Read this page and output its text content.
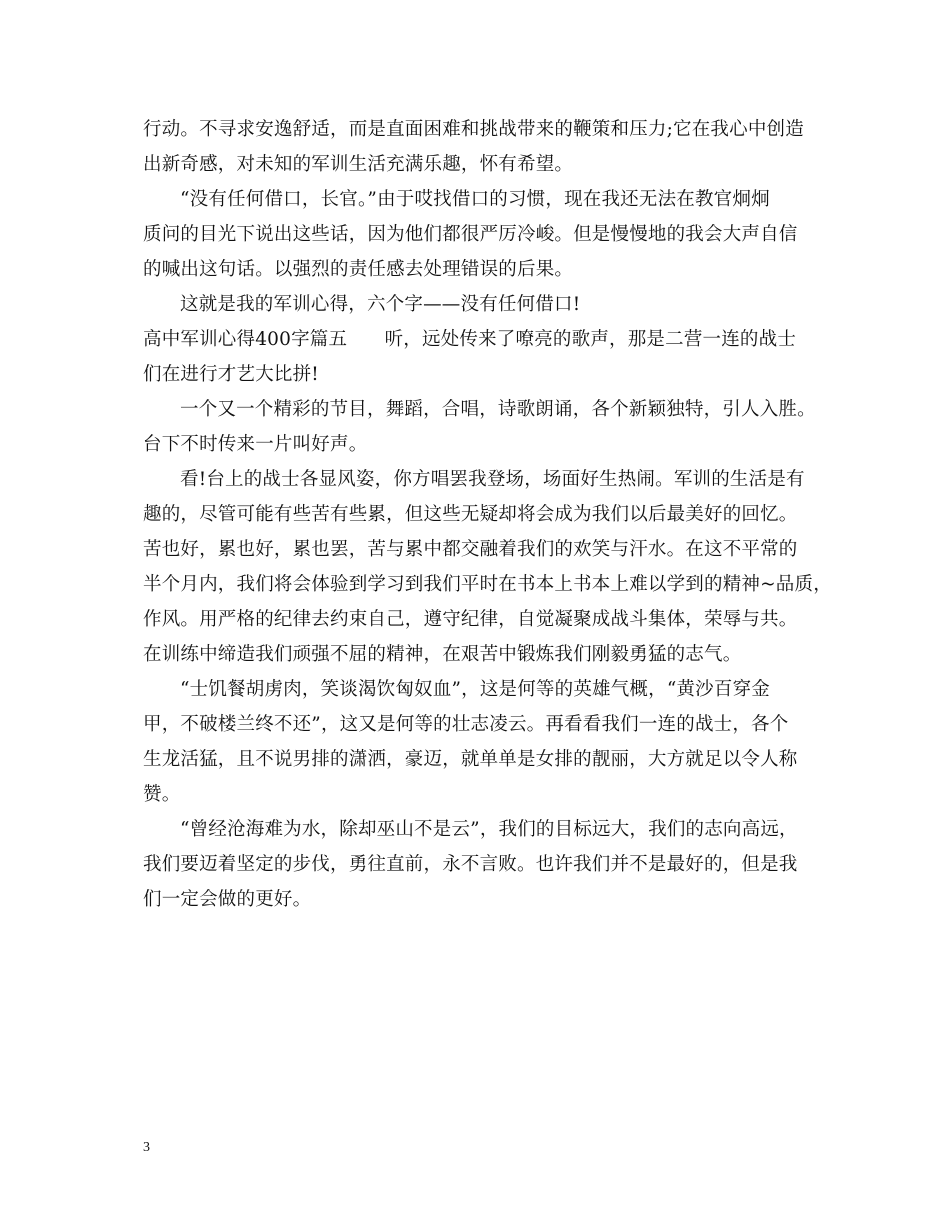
行动。不寻求安逸舒适，而是直面困难和挑战带来的鞭策和压力;它在我心中创造
出新奇感，对未知的军训生活充满乐趣，怀有希望。
“没有任何借口，长官。”由于哎找借口的习惯，现在我还无法在教官炯炯
质问的目光下说出这些话，因为他们都很严厉冷峻。但是慢慢地的我会大声自信
的喊出这句话。以强烈的责任感去处理错误的后果。
这就是我的军训心得，六个字——没有任何借口!
高中军训心得400字篇五　　听，远处传来了嘹亮的歌声，那是二营一连的战士
们在进行才艺大比拼!
一个又一个精彩的节目，舞蹈，合唱，诗歌朗诵，各个新颖独特，引人入胜。
台下不时传来一片叫好声。
看!台上的战士各显风姿，你方唱罢我登场，场面好生热闹。军训的生活是有
趣的，尽管可能有些苦有些累，但这些无疑却将会成为我们以后最美好的回忆。
苦也好，累也好，累也罢，苦与累中都交融着我们的欢笑与汗水。在这不平常的
半个月内，我们将会体验到学习到我们平时在书本上书本上难以学到的精神~品质，
作风。用严格的纪律去约束自己，遵守纪律，自觉凝聚成战斗集体，荣辱与共。
在训练中缔造我们顽强不屈的精神，在艰苦中锻炼我们刚毅勇猛的志气。
“士饥餐胡虏肉，笑谈渴饮匈奴血”，这是何等的英雄气概，“黄沙百穿金
甲，不破楼兰终不还”，这又是何等的壮志凌云。再看看我们一连的战士，各个
生龙活猛，且不说男排的潇洒，豪迈，就单单是女排的靓丽，大方就足以令人称
赞。
“曾经沧海难为水，除却巫山不是云”，我们的目标远大，我们的志向高远，
我们要迈着坚定的步伐，勇往直前，永不言败。也许我们并不是最好的，但是我
们一定会做的更好。
3
